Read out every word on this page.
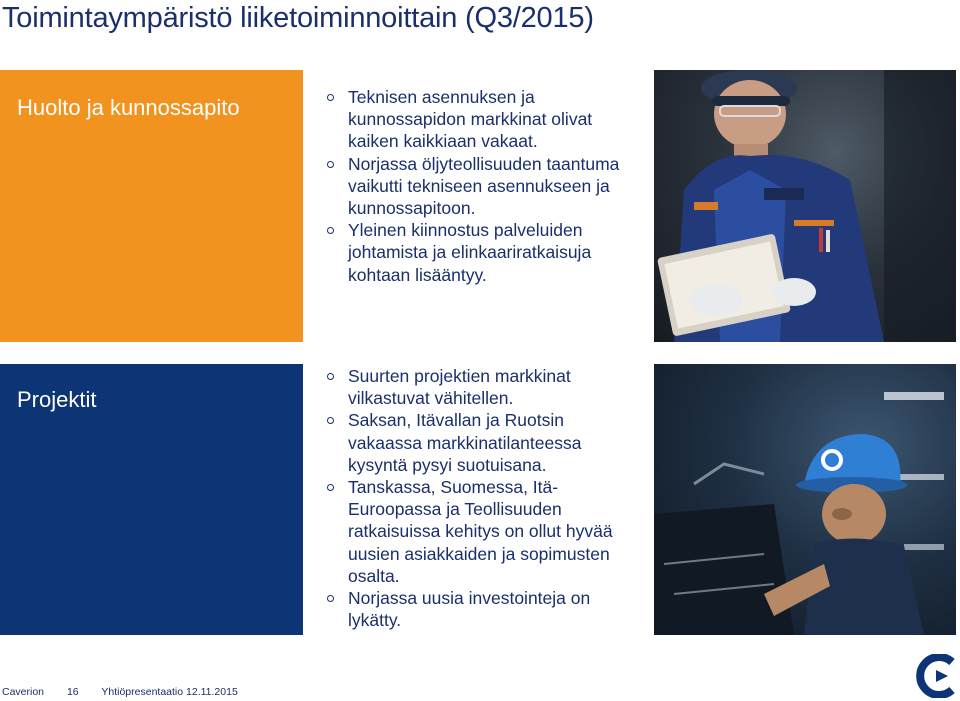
Toimintaympäristö liiketoiminnoittain (Q3/2015)
Huolto ja kunnossapito	Teknisen asennuksen ja kunnossapidon markkinat olivat kaiken kaikkiaan vakaat.
Norjassa öljyteollisuuden taantuma vaikutti tekniseen asennukseen ja kunnossapitoon.
Yleinen kiinnostus palveluiden johtamista ja elinkaariratkaisuja kohtaan lisääntyy.
Projektit
Suurten projektien markkinat vilkastuvat vähitellen.
Saksan, Itävallan ja Ruotsin vakaassa markkinatilanteessa kysyntä pysyi suotuisana.
Tanskassa, Suomessa, Itä-Euroopassa ja Teollisuuden ratkaisuissa kehitys on ollut hyvää uusien asiakkaiden ja sopimusten osalta.
Norjassa uusia investointeja on lykätty.
Caverion 16 Yhtiöpresentaatio 12.11.2015
